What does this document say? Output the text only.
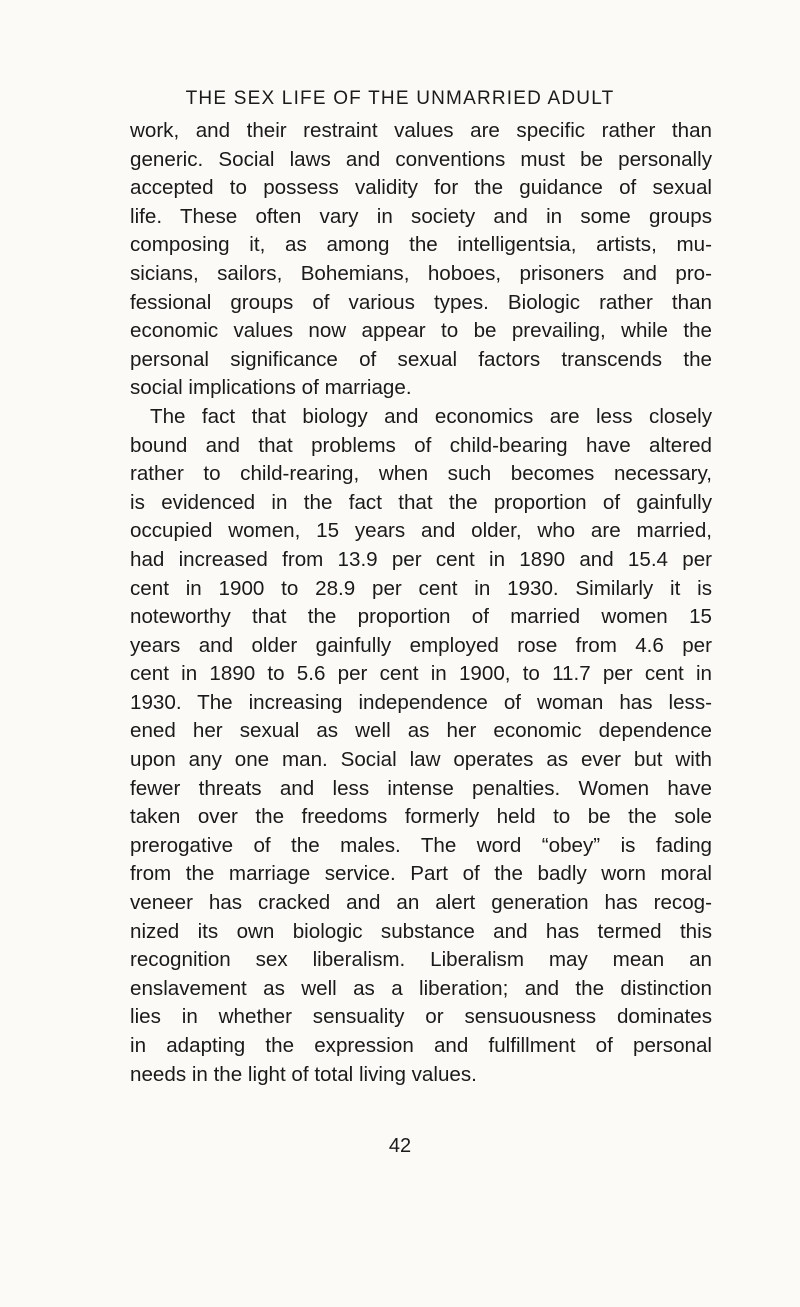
THE SEX LIFE OF THE UNMARRIED ADULT
work, and their restraint values are specific rather than
generic. Social laws and conventions must be personally
accepted to possess validity for the guidance of sexual
life. These often vary in society and in some groups
composing it, as among the intelligentsia, artists, mu-
sicians, sailors, Bohemians, hoboes, prisoners and pro-
fessional groups of various types. Biologic rather than
economic values now appear to be prevailing, while the
personal significance of sexual factors transcends the
social implications of marriage.
The fact that biology and economics are less closely
bound and that problems of child-bearing have altered
rather to child-rearing, when such becomes necessary,
is evidenced in the fact that the proportion of gainfully
occupied women, 15 years and older, who are married,
had increased from 13.9 per cent in 1890 and 15.4 per
cent in 1900 to 28.9 per cent in 1930. Similarly it is
noteworthy that the proportion of married women 15
years and older gainfully employed rose from 4.6 per
cent in 1890 to 5.6 per cent in 1900, to 11.7 per cent in
1930. The increasing independence of woman has less-
ened her sexual as well as her economic dependence
upon any one man. Social law operates as ever but with
fewer threats and less intense penalties. Women have
taken over the freedoms formerly held to be the sole
prerogative of the males. The word “obey” is fading
from the marriage service. Part of the badly worn moral
veneer has cracked and an alert generation has recog-
nized its own biologic substance and has termed this
recognition sex liberalism. Liberalism may mean an
enslavement as well as a liberation; and the distinction
lies in whether sensuality or sensuousness dominates
in adapting the expression and fulfillment of personal
needs in the light of total living values.
42
